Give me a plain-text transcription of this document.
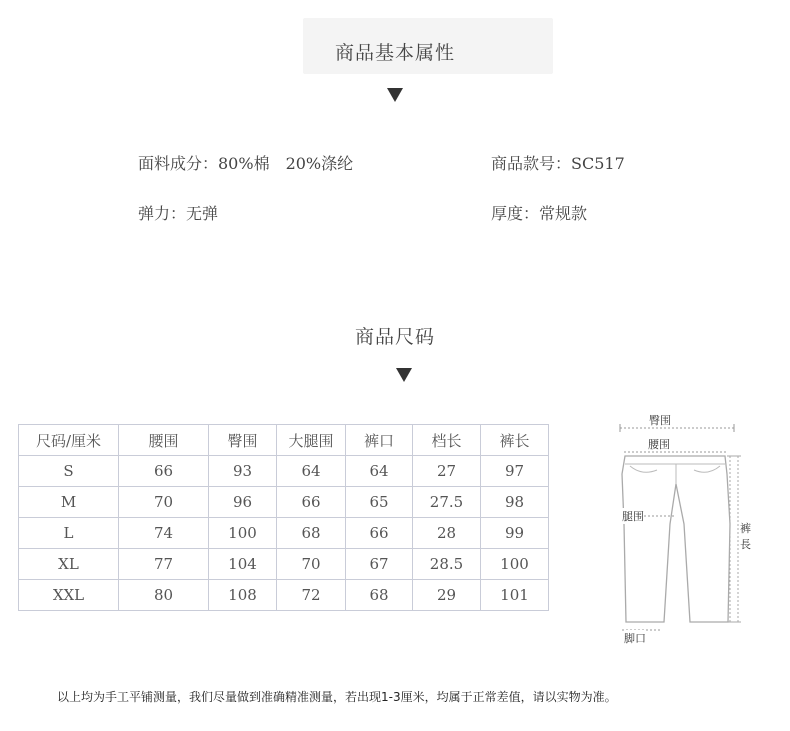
商品基本属性
面料成分：80%棉　20%涤纶	商品款号：SC517
弹力：无弹	厚度：常规款
商品尺码
尺码/厘米	腰围	臀围	大腿围	裤口	档长	裤长
S	66	93	64	64	27	97
M	70	96	66	65	27.5	98
L	74	100	68	66	28	99
XL	77	104	70	67	28.5	100
XXL	80	108	72	68	29	101
臀围
腰围
腿围
裤
長
脚口
以上均为手工平铺测量，我们尽量做到准确精准测量，若出现1-3厘米，均属于正常差值，请以实物为准。
